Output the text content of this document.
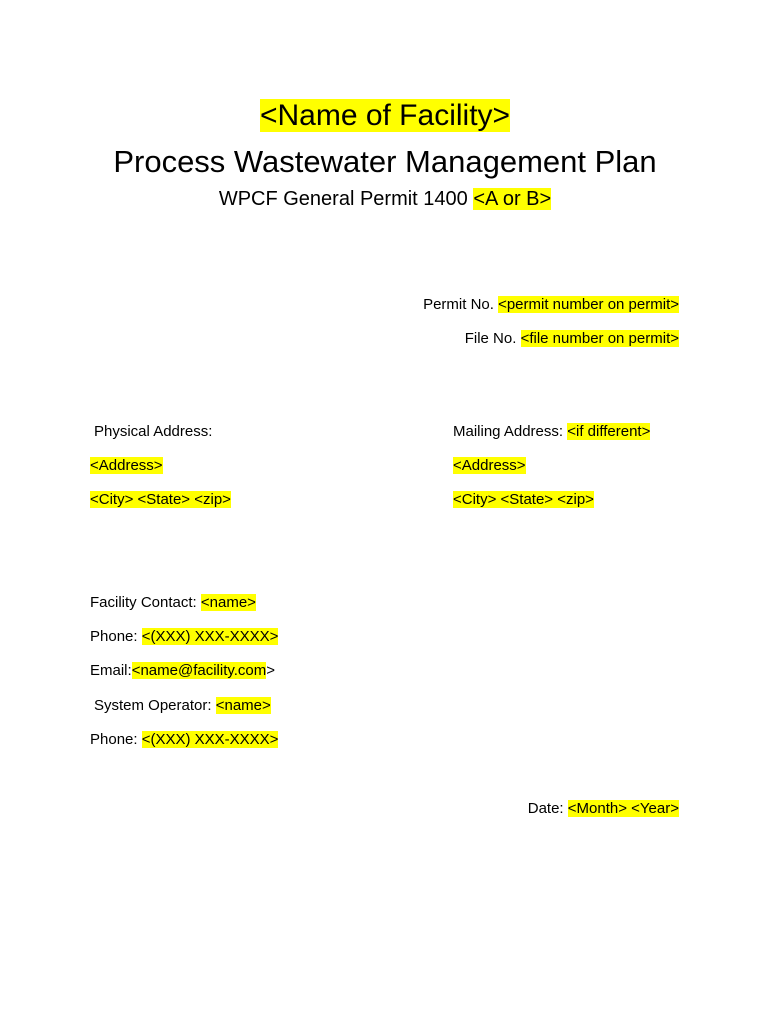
<Name of Facility>
Process Wastewater Management Plan
WPCF General Permit 1400 <A or B>
Permit No. <permit number on permit>
File No. <file number on permit>
Physical Address:
<Address>
<City> <State> <zip>
Mailing Address: <if different>
<Address>
<City> <State> <zip>
Facility Contact: <name>
Phone: <(XXX) XXX-XXXX>
Email:<name@facility.com>
System Operator: <name>
Phone: <(XXX) XXX-XXXX>
Date: <Month> <Year>
